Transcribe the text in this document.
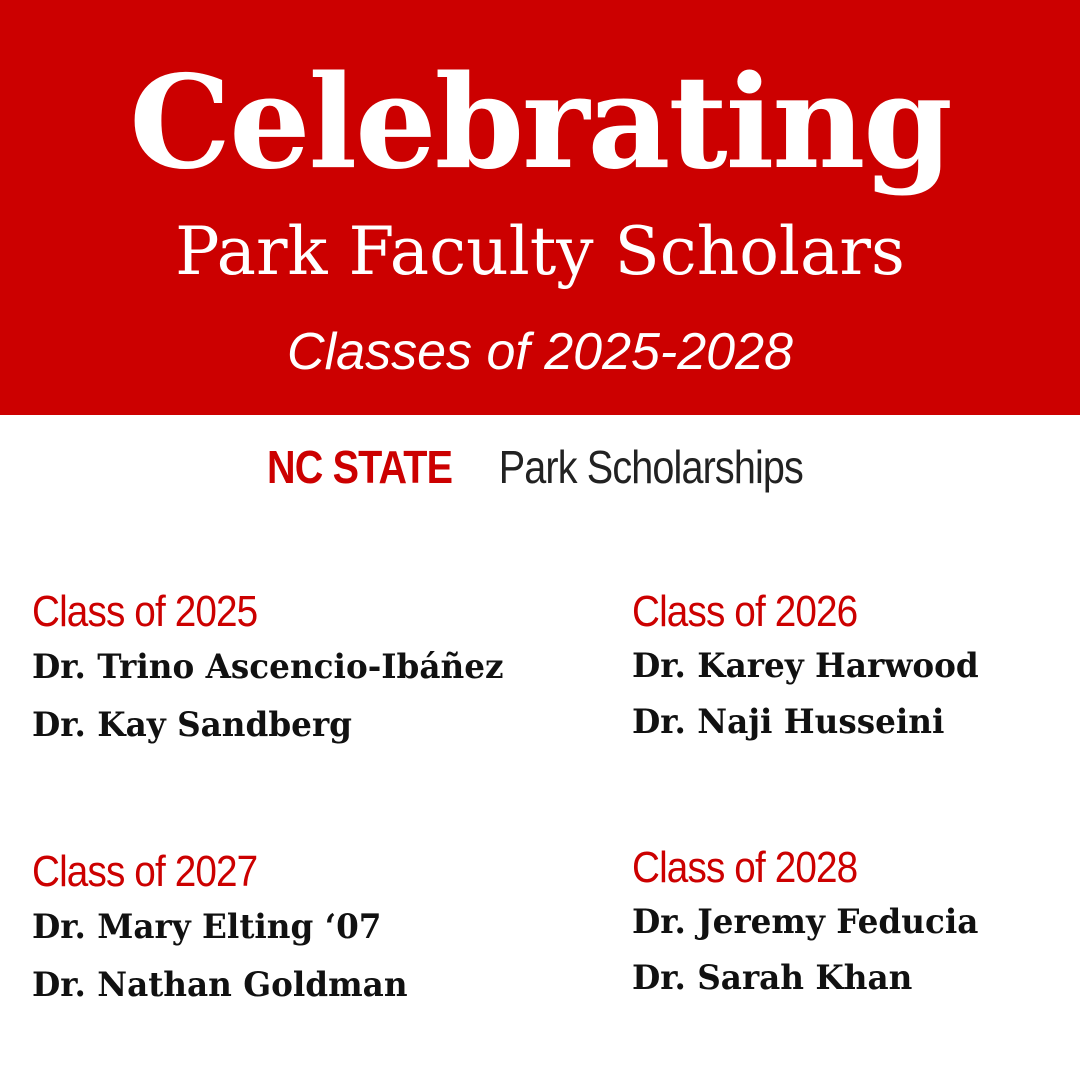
Celebrating
Park Faculty Scholars
Classes of 2025-2028
NC STATE Park Scholarships
Class of 2025
Dr. Trino Ascencio-Ibáñez
Dr. Kay Sandberg
Class of 2026
Dr. Karey Harwood
Dr. Naji Husseini
Class of 2027
Dr. Mary Elting ‘07
Dr. Nathan Goldman
Class of 2028
Dr. Jeremy Feducia
Dr. Sarah Khan
